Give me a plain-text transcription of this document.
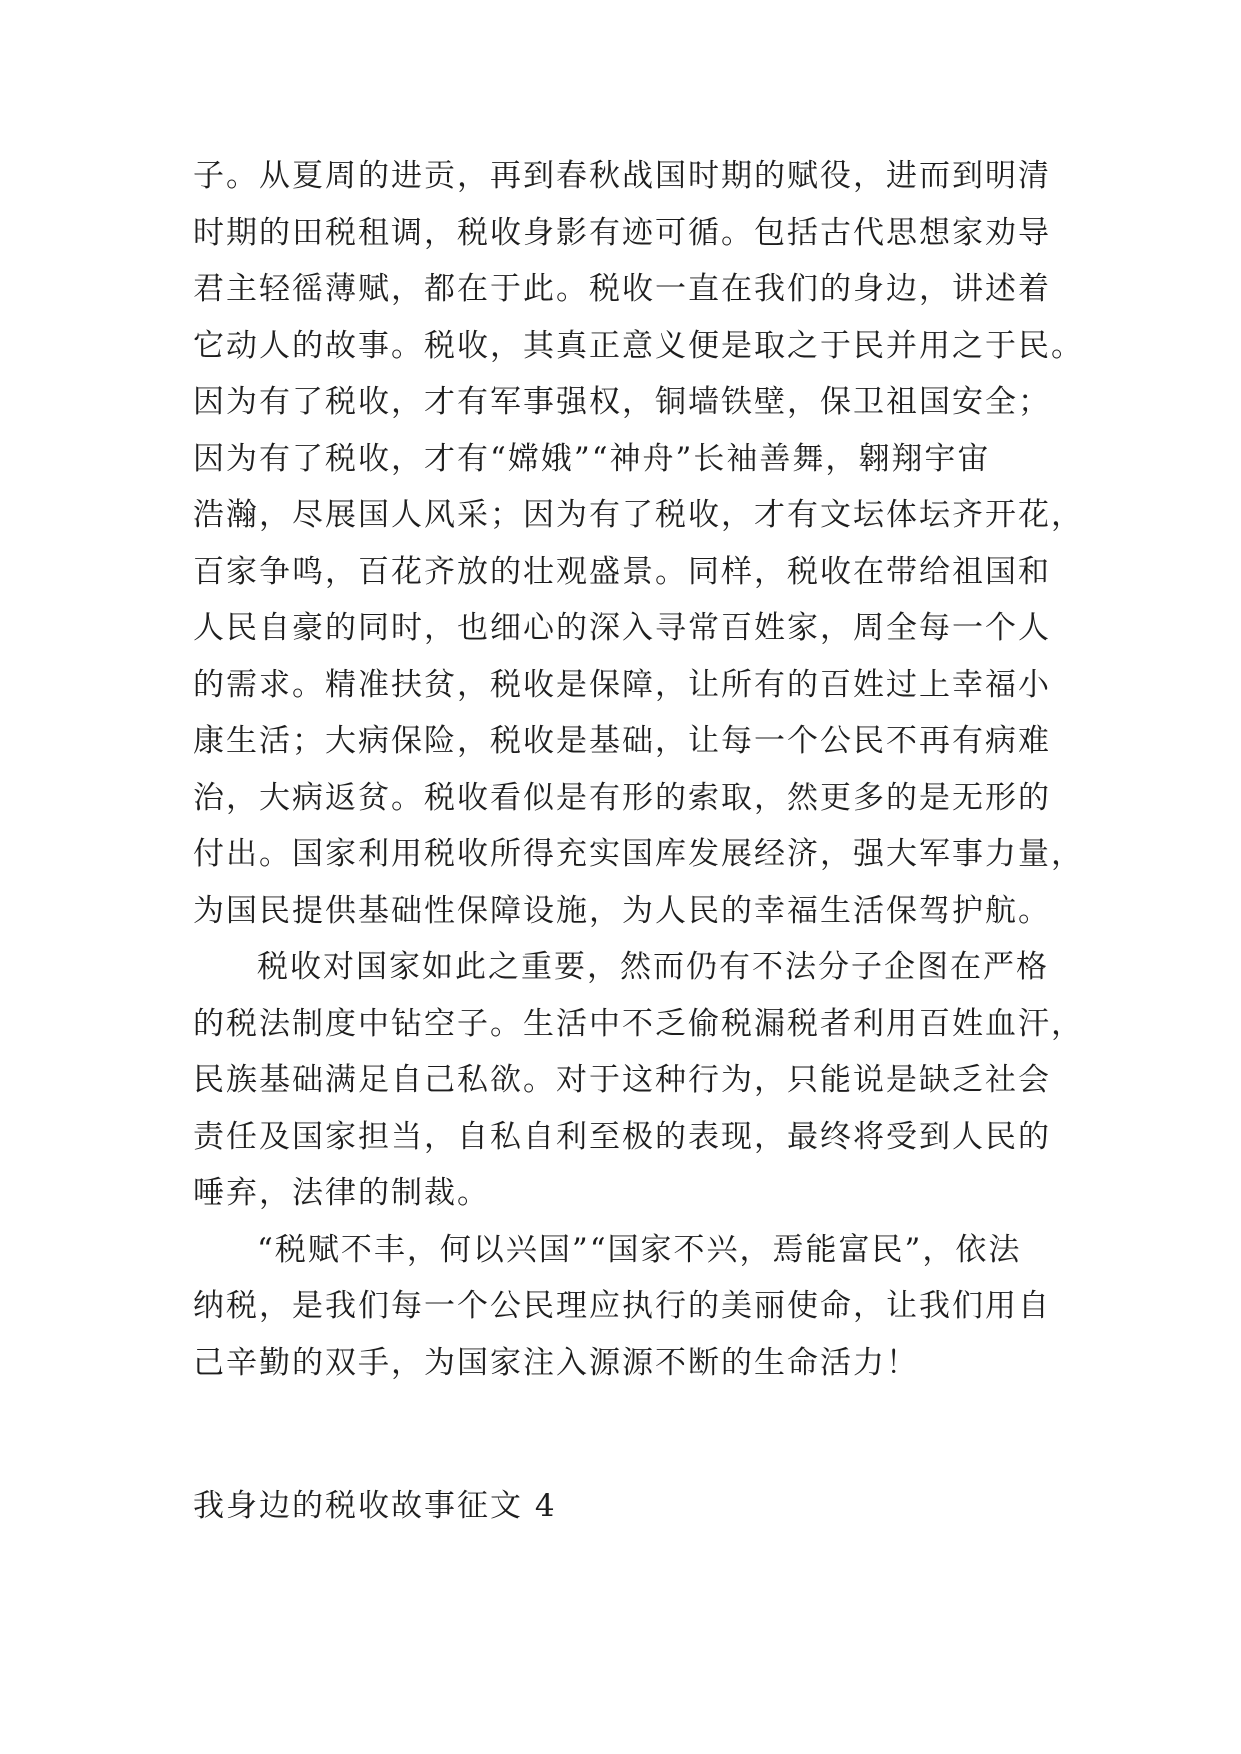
子。从夏周的进贡，再到春秋战国时期的赋役，进而到明清
时期的田税租调，税收身影有迹可循。包括古代思想家劝导
君主轻徭薄赋，都在于此。税收一直在我们的身边，讲述着
它动人的故事。税收，其真正意义便是取之于民并用之于民。
因为有了税收，才有军事强权，铜墙铁壁，保卫祖国安全；
因为有了税收，才有“嫦娥”“神舟”长袖善舞，翱翔宇宙
浩瀚，尽展国人风采；因为有了税收，才有文坛体坛齐开花，
百家争鸣，百花齐放的壮观盛景。同样，税收在带给祖国和
人民自豪的同时，也细心的深入寻常百姓家，周全每一个人
的需求。精准扶贫，税收是保障，让所有的百姓过上幸福小
康生活；大病保险，税收是基础，让每一个公民不再有病难
治，大病返贫。税收看似是有形的索取，然更多的是无形的
付出。国家利用税收所得充实国库发展经济，强大军事力量，
为国民提供基础性保障设施，为人民的幸福生活保驾护航。
税收对国家如此之重要，然而仍有不法分子企图在严格
的税法制度中钻空子。生活中不乏偷税漏税者利用百姓血汗，
民族基础满足自己私欲。对于这种行为，只能说是缺乏社会
责任及国家担当，自私自利至极的表现，最终将受到人民的
唾弃，法律的制裁。
“税赋不丰，何以兴国”“国家不兴，焉能富民”，依法
纳税，是我们每一个公民理应执行的美丽使命，让我们用自
己辛勤的双手，为国家注入源源不断的生命活力！
我身边的税收故事征文 4
